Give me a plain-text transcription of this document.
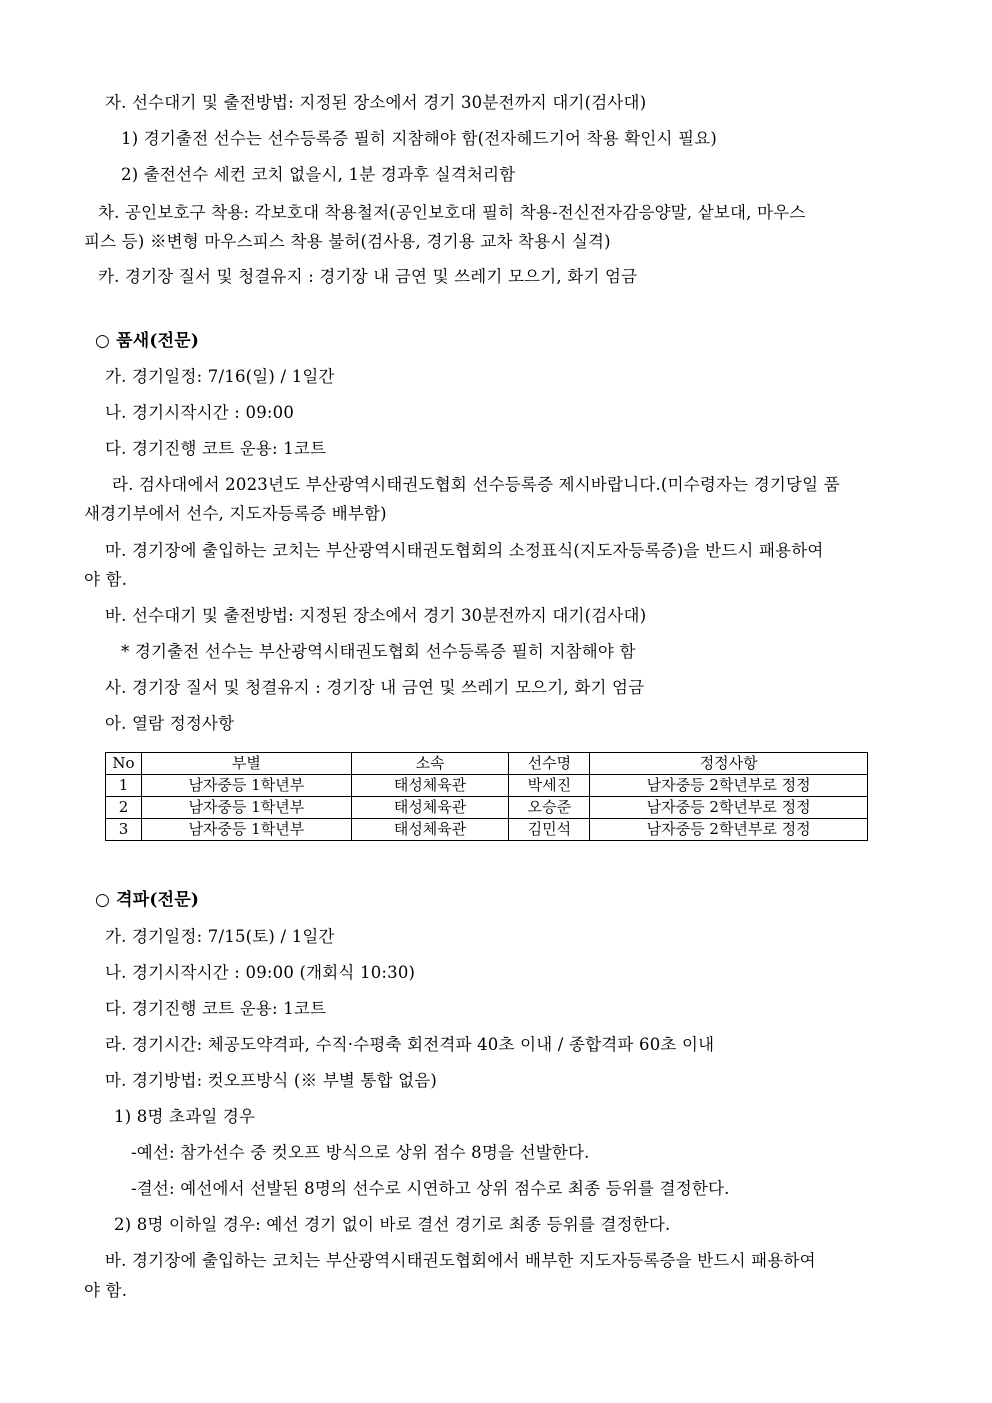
자. 선수대기 및 출전방법: 지정된 장소에서 경기 30분전까지 대기(검사대)
1) 경기출전 선수는 선수등록증 필히 지참해야 함(전자헤드기어 착용 확인시 필요)
2) 출전선수 세컨 코치 없을시, 1분 경과후 실격처리함
차. 공인보호구 착용: 각보호대 착용철저(공인보호대 필히 착용-전신전자감응양말, 샅보대, 마우스
피스 등) ※변형 마우스피스 착용 불허(검사용, 경기용 교차 착용시 실격)
카. 경기장 질서 및 청결유지 : 경기장 내 금연 및 쓰레기 모으기, 화기 엄금
○ 품새(전문)
가. 경기일정: 7/16(일) / 1일간
나. 경기시작시간 : 09:00
다. 경기진행 코트 운용: 1코트
라. 검사대에서 2023년도 부산광역시태권도협회 선수등록증 제시바랍니다.(미수령자는 경기당일 품
새경기부에서 선수, 지도자등록증 배부함)
마. 경기장에 출입하는 코치는 부산광역시태권도협회의 소정표식(지도자등록증)을 반드시 패용하여
야 함.
바. 선수대기 및 출전방법: 지정된 장소에서 경기 30분전까지 대기(검사대)
* 경기출전 선수는 부산광역시태권도협회 선수등록증 필히 지참해야 함
사. 경기장 질서 및 청결유지 : 경기장 내 금연 및 쓰레기 모으기, 화기 엄금
아. 열람 정정사항
No	부별	소속	선수명	정정사항
1	남자중등 1학년부	태성체육관	박세진	남자중등 2학년부로 정정
2	남자중등 1학년부	태성체육관	오승준	남자중등 2학년부로 정정
3	남자중등 1학년부	태성체육관	김민석	남자중등 2학년부로 정정
○ 격파(전문)
가. 경기일정: 7/15(토) / 1일간
나. 경기시작시간 : 09:00 (개회식 10:30)
다. 경기진행 코트 운용: 1코트
라. 경기시간: 체공도약격파, 수직·수평축 회전격파 40초 이내 / 종합격파 60초 이내
마. 경기방법: 컷오프방식 (※ 부별 통합 없음)
1) 8명 초과일 경우
-예선: 참가선수 중 컷오프 방식으로 상위 점수 8명을 선발한다.
-결선: 예선에서 선발된 8명의 선수로 시연하고 상위 점수로 최종 등위를 결정한다.
2) 8명 이하일 경우: 예선 경기 없이 바로 결선 경기로 최종 등위를 결정한다.
바. 경기장에 출입하는 코치는 부산광역시태권도협회에서 배부한 지도자등록증을 반드시 패용하여
야 함.
